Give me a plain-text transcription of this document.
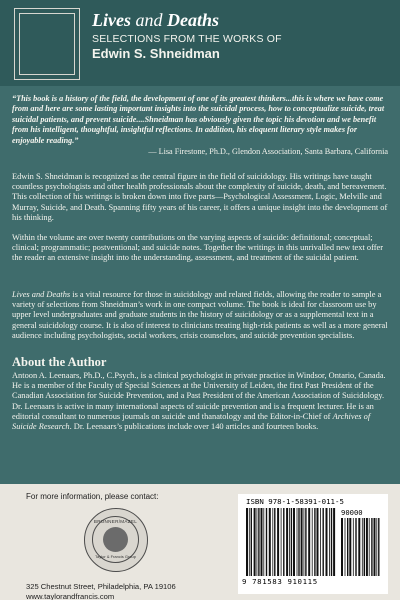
Lives and Deaths
SELECTIONS FROM THE WORKS OF
Edwin S. Shneidman

“This book is a history of the field, the development of one of its greatest thinkers...this is where we have come from and here are some lasting important insights into the suicidal process, how to conceptualize suicide, treat suicidal patients, and prevent suicide....Shneidman has obviously given the topic his devotion and we benefit from his intelligent, thoughtful, insightful reflections. In addition, his eloquent literary style makes for enjoyable reading.”

— Lisa Firestone, Ph.D., Glendon Association, Santa Barbara, California

Edwin S. Shneidman is recognized as the central figure in the field of suicidology. His writings have taught countless psychologists and other health professionals about the complexity of suicide, death, and bereavement. This collection of his writings is broken down into five parts—Psychological Assessment, Logic, Melville and Murray, Suicide, and Death. Spanning fifty years of his career, it offers a unique insight into the development of his thinking.

Within the volume are over twenty contributions on the varying aspects of suicide: definitional; conceptual; clinical; programmatic; postventional; and suicide notes. Together the writings in this unrivalled new text offer the reader an extensive insight into the understanding, assessment, and treatment of the suicidal patient.

Lives and Deaths is a vital resource for those in suicidology and related fields, allowing the reader to sample a variety of selections from Shneidman’s work in one compact volume. The book is ideal for classroom use by upper level undergraduates and graduate students in the history of suicidology or as a supplemental text in a general suicidology course. It is also of interest to clinicians treating high-risk patients as well as a more general audience including psychologists, social workers, crisis counselors, and suicide prevention specialists.

About the Author

Antoon A. Leenaars, Ph.D., C.Psych., is a clinical psychologist in private practice in Windsor, Ontario, Canada. He is a member of the Faculty of Special Sciences at the University of Leiden, the first Past President of the Canadian Association for Suicide Prevention, and a Past President of the American Association of Suicidology. Dr. Leenaars is active in many international aspects of suicide prevention and is a frequent lecturer. He is an editorial consultant to numerous journals on suicide and thanatology and the Editor-in-Chief of Archives of Suicide Research. Dr. Leenaars’s publications include over 140 articles and fourteen books.

For more information, please contact:
BRUNNER/MAZEL
Taylor & Francis Group
325 Chestnut Street, Philadelphia, PA 19106
www.taylorandfrancis.com
ISBN 978-1-58391-011-5
90000
9 781583 910115
